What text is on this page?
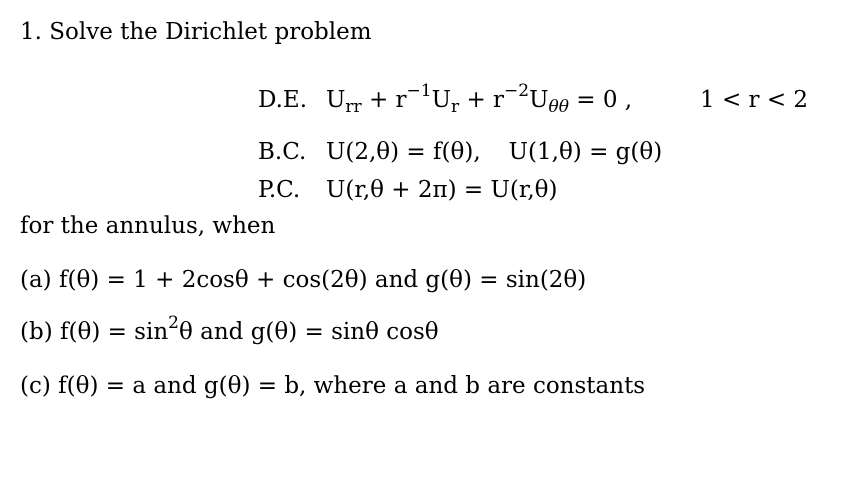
1. Solve the Dirichlet problem
D.E. $U_{rr} + r^{-1}U_r + r^{-2}U_{\theta\theta} = 0$ ,	1 < r < 2
B.C. U(2,θ) = f(θ), U(1,θ) = g(θ)
P.C. U(r,θ + 2π) = U(r,θ)
for the annulus, when
(a) f(θ) = 1 + 2cosθ + cos(2θ) and g(θ) = sin(2θ)
(b) $f(\theta) = \sin^2\theta$ and g(θ) = sinθ cosθ
(c) f(θ) = a and g(θ) = b, where a and b are constants
